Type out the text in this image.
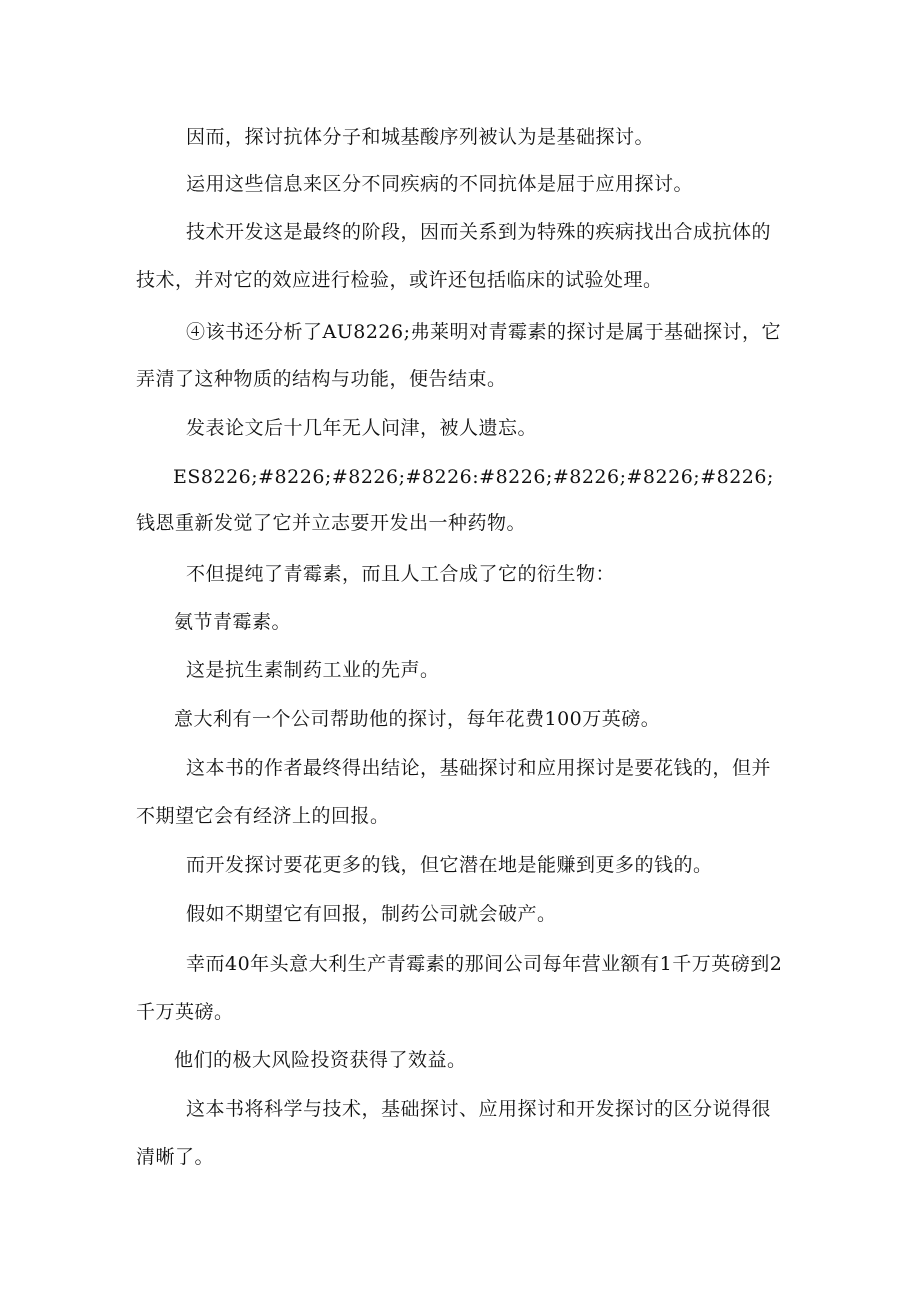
因而，探讨抗体分子和城基酸序列被认为是基础探讨。
运用这些信息来区分不同疾病的不同抗体是屈于应用探讨。
技术开发这是最终的阶段，因而关系到为特殊的疾病找出合成抗体的
技术，并对它的效应进行检验，或许还包括临床的试验处理。
④该书还分析了AU8226;弗莱明对青霉素的探讨是属于基础探讨，它
弄清了这种物质的结构与功能，便告结束。
发表论文后十几年无人问津，被人遗忘。
ES8226;#8226;#8226;#8226:#8226;#8226;#8226;#8226;
钱恩重新发觉了它并立志要开发出一种药物。
不但提纯了青霉素，而且人工合成了它的衍生物：
氨节青霉素。
这是抗生素制药工业的先声。
意大利有一个公司帮助他的探讨，每年花费100万英磅。
这本书的作者最终得出结论，基础探讨和应用探讨是要花钱的，但并
不期望它会有经济上的回报。
而开发探讨要花更多的钱，但它潜在地是能赚到更多的钱的。
假如不期望它有回报，制药公司就会破产。
幸而40年头意大利生产青霉素的那间公司每年营业额有1千万英磅到2
千万英磅。
他们的极大风险投资获得了效益。
这本书将科学与技术，基础探讨、应用探讨和开发探讨的区分说得很
清晰了。
